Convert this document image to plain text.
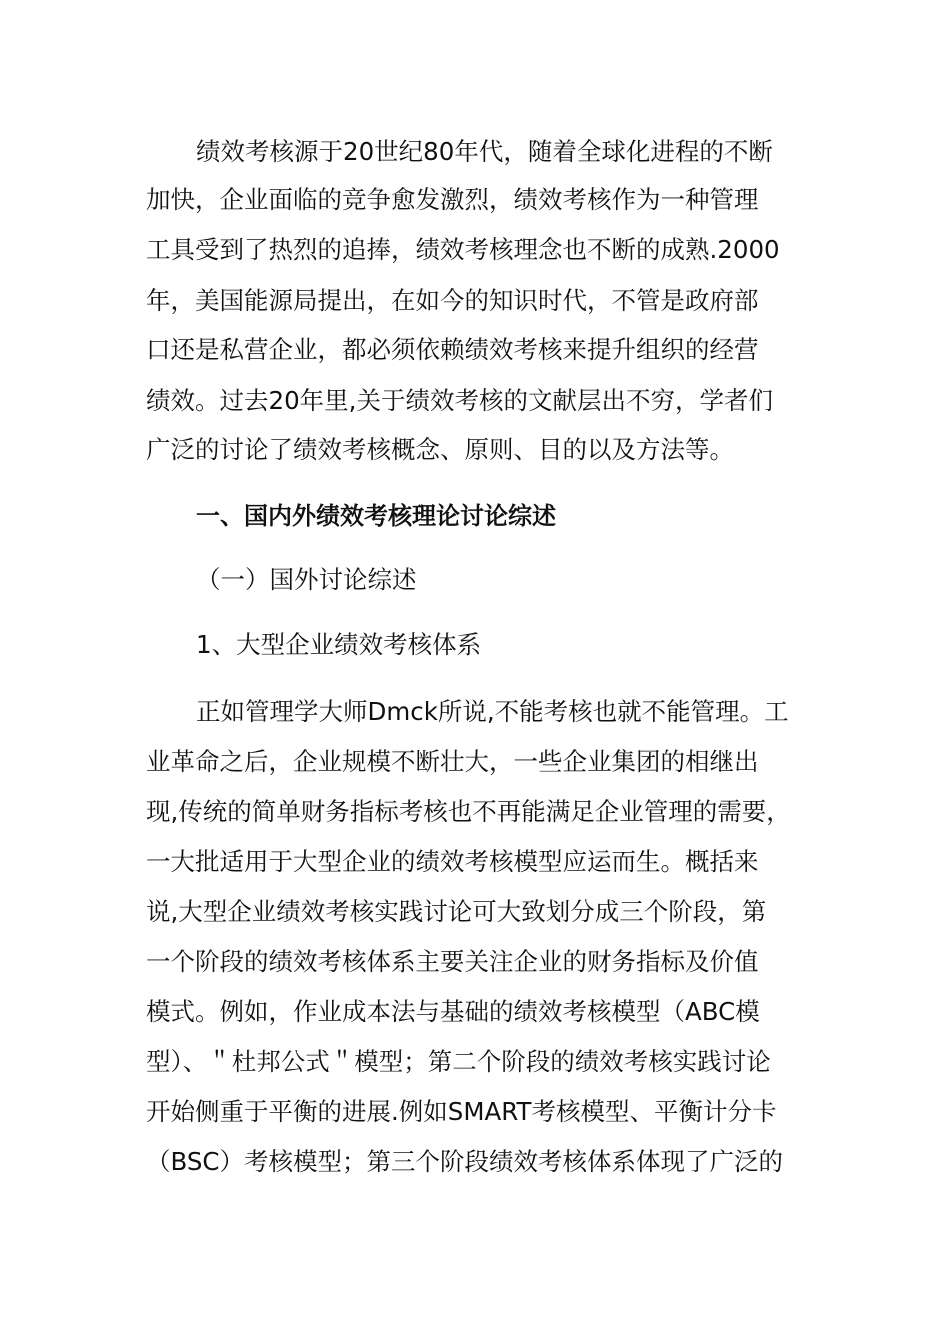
绩效考核源于20世纪80年代，随着全球化进程的不断
加快，企业面临的竞争愈发激烈，绩效考核作为一种管理
工具受到了热烈的追捧，绩效考核理念也不断的成熟.2000
年，美国能源局提出，在如今的知识时代，不管是政府部
口还是私营企业，都必须依赖绩效考核来提升组织的经营
绩效。过去20年里,关于绩效考核的文献层出不穷，学者们
广泛的讨论了绩效考核概念、原则、目的以及方法等。
一、国内外绩效考核理论讨论综述
（一）国外讨论综述
1、大型企业绩效考核体系
正如管理学大师Dmck所说,不能考核也就不能管理。工
业革命之后，企业规模不断壮大，一些企业集团的相继出
现,传统的简单财务指标考核也不再能满足企业管理的需要，
一大批适用于大型企业的绩效考核模型应运而生。概括来
说,大型企业绩效考核实践讨论可大致划分成三个阶段，第
一个阶段的绩效考核体系主要关注企业的财务指标及价值
模式。例如，作业成本法与基础的绩效考核模型（ABC模
型）、＂杜邦公式＂模型；第二个阶段的绩效考核实践讨论
开始侧重于平衡的进展.例如SMART考核模型、平衡计分卡
（BSC）考核模型；第三个阶段绩效考核体系体现了广泛的
